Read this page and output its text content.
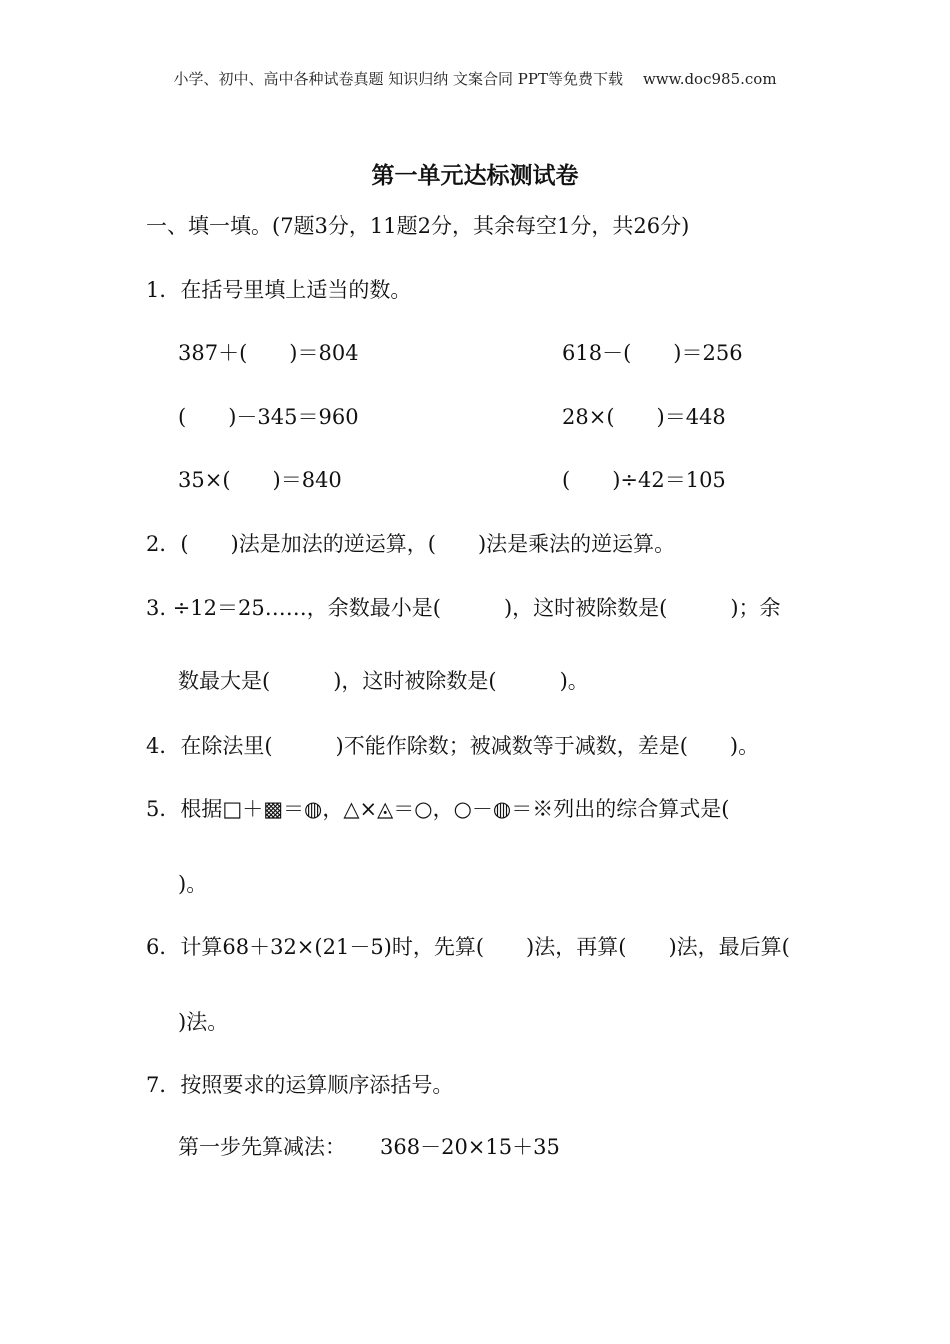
小学、初中、高中各种试卷真题 知识归纳 文案合同 PPT等免费下载 www.doc985.com
第一单元达标测试卷
一、填一填。(7题3分，11题2分，其余每空1分，共26分)
1．在括号里填上适当的数。
387＋(　　)＝804	618－(　　)＝256
(　　)－345＝960	28×(　　)＝448
35×(　　)＝840	(　　)÷42＝105
2．(　　)法是加法的逆运算，(　　)法是乘法的逆运算。
3. ÷12＝25……，余数最小是(　　　)，这时被除数是(　　　)；余
数最大是(　　　)，这时被除数是(　　　)。
4．在除法里(　　　)不能作除数；被减数等于减数，差是(　　)。
5．根据□＋▩＝◍，△×◬＝○，○－◍＝※列出的综合算式是(
)。
6．计算68＋32×(21－5)时，先算(　　)法，再算(　　)法，最后算(
)法。
7．按照要求的运算顺序添括号。
第一步先算减法： 368－20×15＋35
